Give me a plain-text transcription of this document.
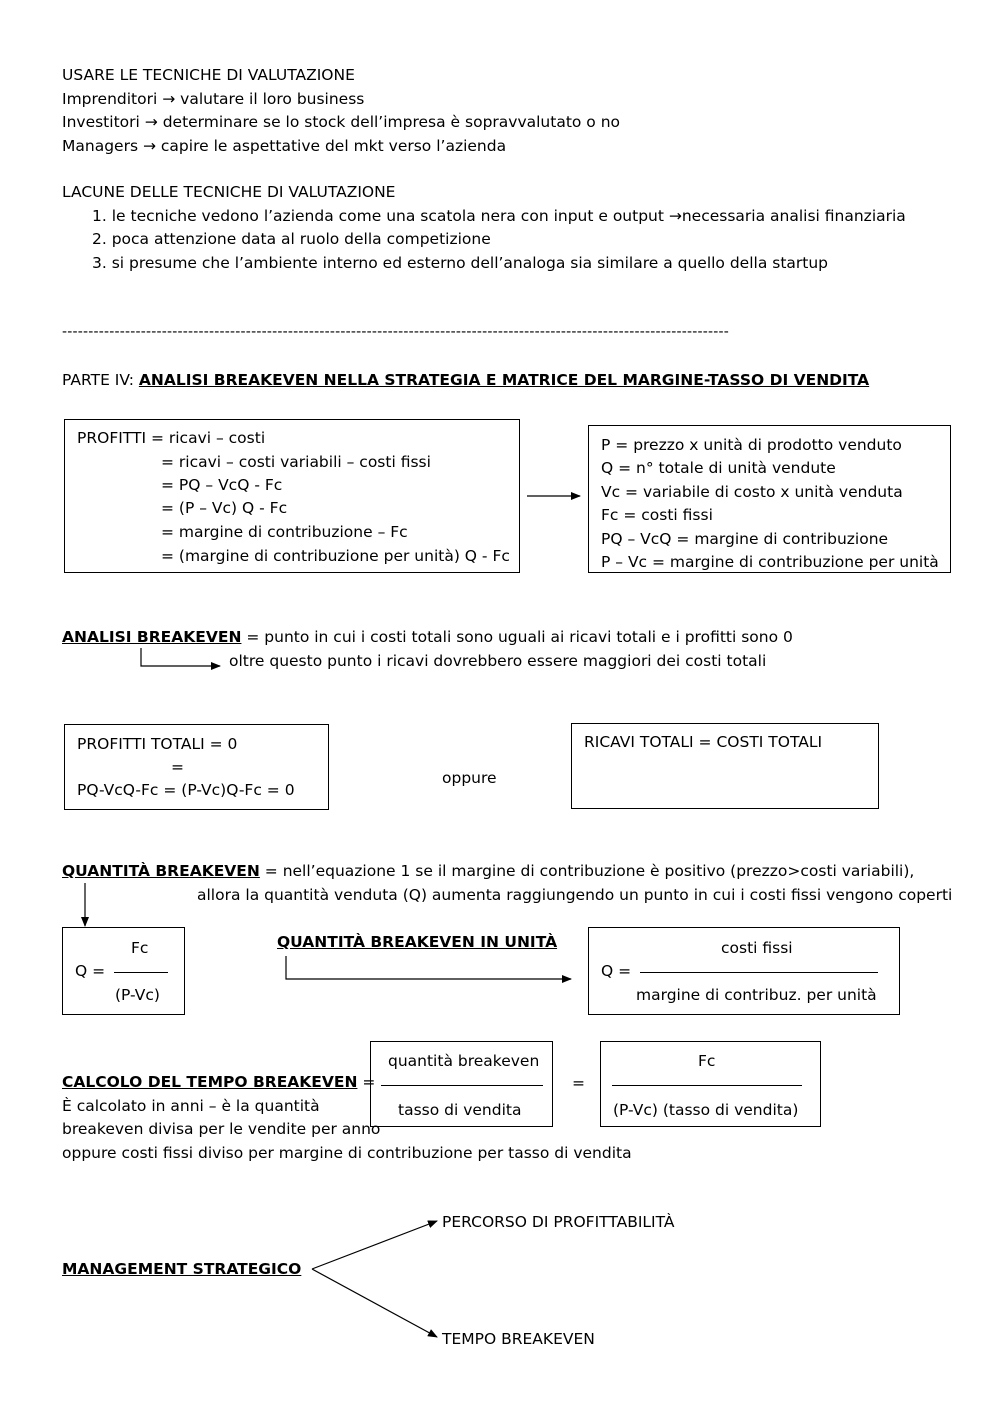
USARE LE TECNICHE DI VALUTAZIONE
Imprenditori → valutare il loro business
Investitori → determinare se lo stock dell’impresa è sopravvalutato o no
Managers → capire le aspettative del mkt verso l’azienda
LACUNE DELLE TECNICHE DI VALUTAZIONE
1. le tecniche vedono l’azienda come una scatola nera con input e output →necessaria analisi finanziaria
2. poca attenzione data al ruolo della competizione
3. si presume che l’ambiente interno ed esterno dell’analoga sia similare a quello della startup
-------------------------------------------------------------------------------------------------------------------------------
PARTE IV: ANALISI BREAKEVEN NELLA STRATEGIA E MATRICE DEL MARGINE-TASSO DI VENDITA
PROFITTI = ricavi – costi
= ricavi – costi variabili – costi fissi
= PQ – VcQ - Fc
= (P – Vc) Q - Fc
= margine di contribuzione – Fc
= (margine di contribuzione per unità) Q - Fc
P = prezzo x unità di prodotto venduto
Q = n° totale di unità vendute
Vc = variabile di costo x unità venduta
Fc = costi fissi
PQ – VcQ = margine di contribuzione
P – Vc = margine di contribuzione per unità
ANALISI BREAKEVEN = punto in cui i costi totali sono uguali ai ricavi totali e i profitti sono 0
oltre questo punto i ricavi dovrebbero essere maggiori dei costi totali
PROFITTI TOTALI = 0
=
PQ-VcQ-Fc = (P-Vc)Q-Fc = 0
oppure
RICAVI TOTALI = COSTI TOTALI
QUANTITÀ BREAKEVEN = nell’equazione 1 se il margine di contribuzione è positivo (prezzo>costi variabili),
allora la quantità venduta (Q) aumenta raggiungendo un punto in cui i costi fissi vengono coperti
Fc
Q =
(P-Vc)
QUANTITÀ BREAKEVEN IN UNITÀ	costi fissi
Q =
margine di contribuz. per unità
CALCOLO DEL TEMPO BREAKEVEN =
È calcolato in anni – è la quantità
breakeven divisa per le vendite per anno
oppure costi fissi diviso per margine di contribuzione per tasso di vendita
quantità breakeven
tasso di vendita
=
Fc
(P-Vc) (tasso di vendita)
MANAGEMENT STRATEGICO
PERCORSO DI PROFITTABILITÀ
TEMPO BREAKEVEN
